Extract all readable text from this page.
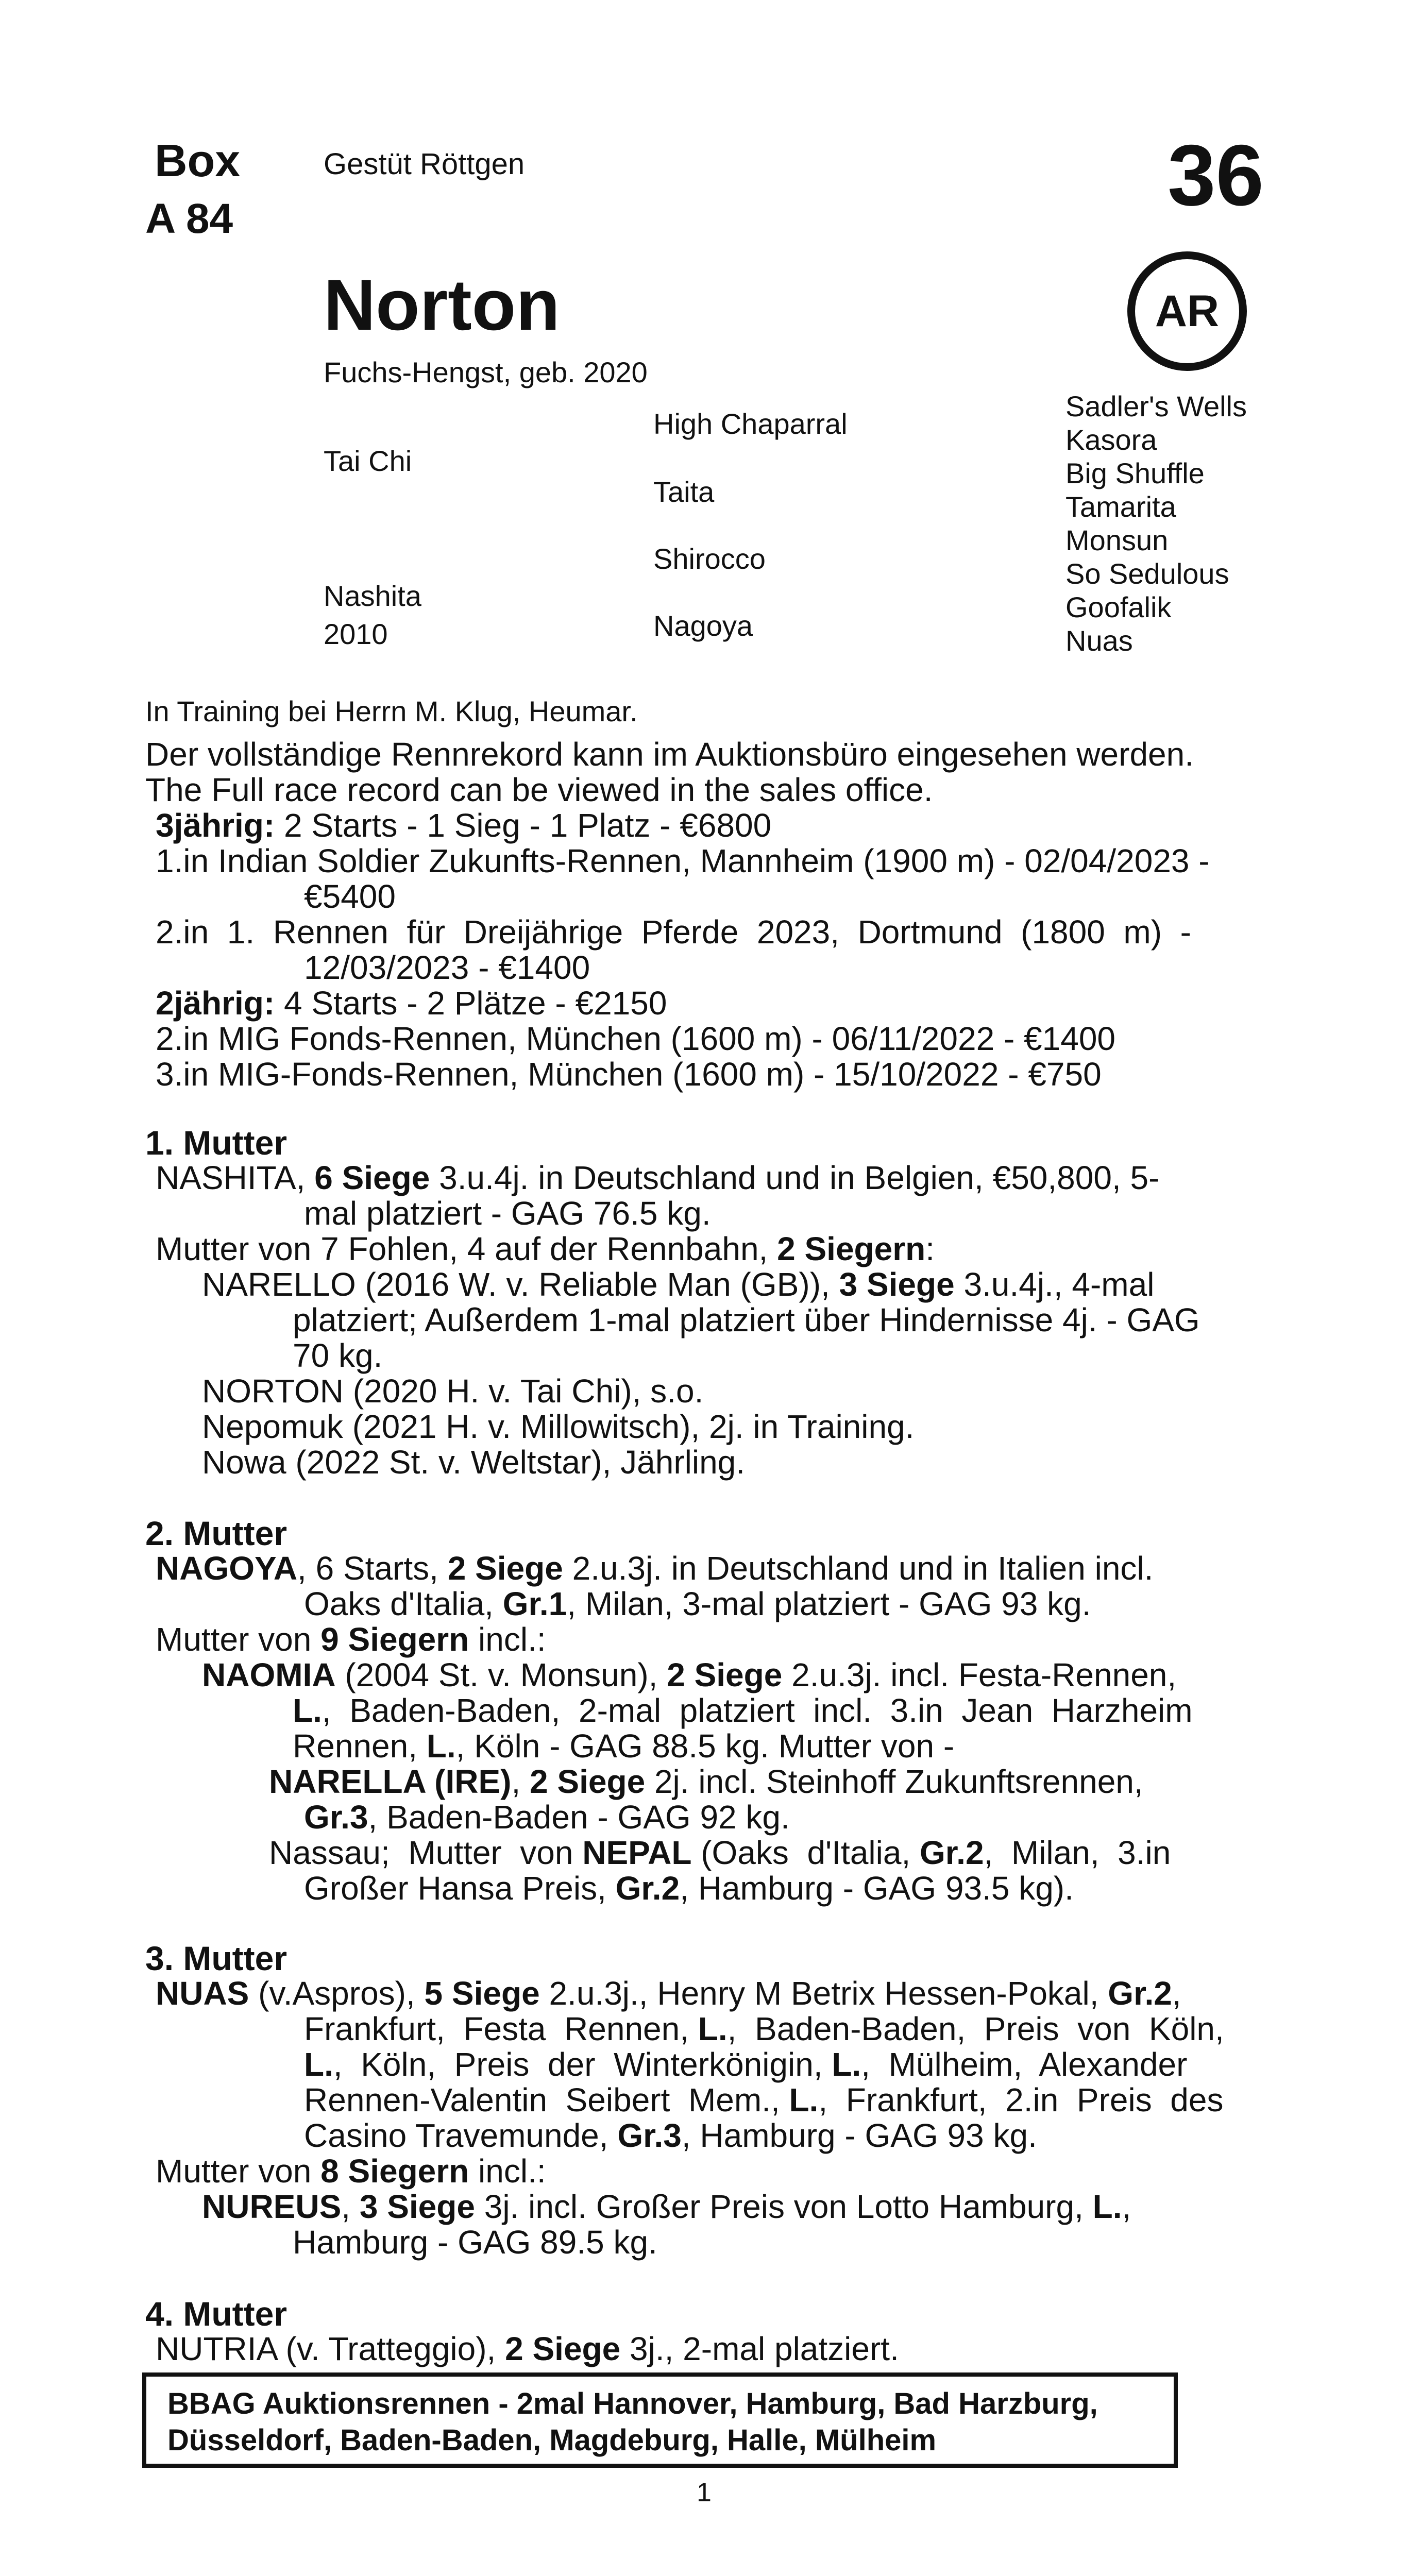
Box
A 84
Gestüt Röttgen	36
AR
Norton
Fuchs-Hengst, geb. 2020
Tai Chi
Nashita
2010
High Chaparral
Taita
Shirocco
Nagoya
Sadler's Wells
Kasora
Big Shuffle
Tamarita
Monsun
So Sedulous
Goofalik
Nuas
In Training bei Herrn M. Klug, Heumar.
Der vollständige Rennrekord kann im Auktionsbüro eingesehen werden.
The Full race record can be viewed in the sales office.
3jährig: 2 Starts - 1 Sieg - 1 Platz - €6800
1.in Indian Soldier Zukunfts-Rennen, Mannheim (1900 m) - 02/04/2023 -
€5400
2.in  1.  Rennen  für  Dreijährige  Pferde  2023,  Dortmund  (1800  m)  -
12/03/2023 - €1400
2jährig: 4 Starts - 2 Plätze - €2150
2.in MIG Fonds-Rennen, München (1600 m) - 06/11/2022 - €1400
3.in MIG-Fonds-Rennen, München (1600 m) - 15/10/2022 - €750
1. Mutter
NASHITA, 6 Siege 3.u.4j. in Deutschland und in Belgien, €50,800, 5-
mal platziert - GAG 76.5 kg.
Mutter von 7 Fohlen, 4 auf der Rennbahn, 2 Siegern:
NARELLO (2016 W. v. Reliable Man (GB)), 3 Siege 3.u.4j., 4-mal
platziert; Außerdem 1-mal platziert über Hindernisse 4j. - GAG
70 kg.
NORTON (2020 H. v. Tai Chi), s.o.
Nepomuk (2021 H. v. Millowitsch), 2j. in Training.
Nowa (2022 St. v. Weltstar), Jährling.
2. Mutter
NAGOYA, 6 Starts, 2 Siege 2.u.3j. in Deutschland und in Italien incl.
Oaks d'Italia, Gr.1, Milan, 3-mal platziert - GAG 93 kg.
Mutter von 9 Siegern incl.:
NAOMIA (2004 St. v. Monsun), 2 Siege 2.u.3j. incl. Festa-Rennen,
L.,  Baden-Baden,  2-mal  platziert  incl.  3.in  Jean  Harzheim
Rennen, L., Köln - GAG 88.5 kg. Mutter von -
NARELLA (IRE), 2 Siege 2j. incl. Steinhoff Zukunftsrennen,
Gr.3, Baden-Baden - GAG 92 kg.
Nassau;  Mutter  von NEPAL (Oaks  d'Italia, Gr.2,  Milan,  3.in
Großer Hansa Preis, Gr.2, Hamburg - GAG 93.5 kg).
3. Mutter
NUAS (v.Aspros), 5 Siege 2.u.3j., Henry M Betrix Hessen-Pokal, Gr.2,
Frankfurt,  Festa  Rennen, L.,  Baden-Baden,  Preis  von  Köln,
L.,  Köln,  Preis  der  Winterkönigin, L.,  Mülheim,  Alexander
Rennen-Valentin  Seibert  Mem., L.,  Frankfurt,  2.in  Preis  des
Casino Travemunde, Gr.3, Hamburg - GAG 93 kg.
Mutter von 8 Siegern incl.:
NUREUS, 3 Siege 3j. incl. Großer Preis von Lotto Hamburg, L.,
Hamburg - GAG 89.5 kg.
4. Mutter
NUTRIA (v. Tratteggio), 2 Siege 3j., 2-mal platziert.
BBAG Auktionsrennen - 2mal Hannover, Hamburg, Bad Harzburg,
Düsseldorf, Baden-Baden, Magdeburg, Halle, Mülheim
1
